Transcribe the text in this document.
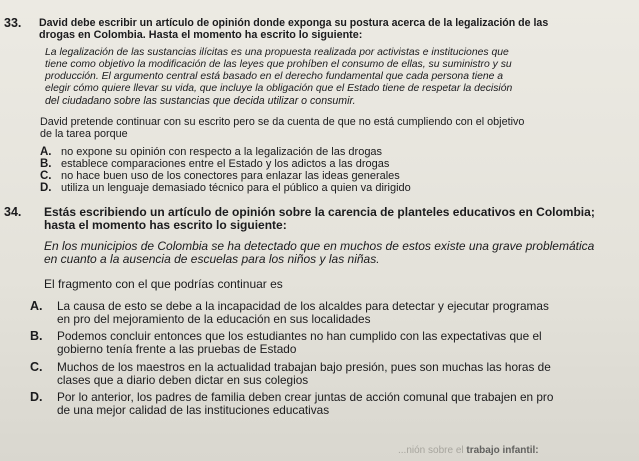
33. David debe escribir un artículo de opinión donde exponga su postura acerca de la legalización de las
drogas en Colombia. Hasta el momento ha escrito lo siguiente:
La legalización de las sustancias ilícitas es una propuesta realizada por activistas e instituciones que
tiene como objetivo la modificación de las leyes que prohíben el consumo de ellas, su suministro y su
producción. El argumento central está basado en el derecho fundamental que cada persona tiene a
elegir cómo quiere llevar su vida, que incluye la obligación que el Estado tiene de respetar la decisión
del ciudadano sobre las sustancias que decida utilizar o consumir.
David pretende continuar con su escrito pero se da cuenta de que no está cumpliendo con el objetivo
de la tarea porque
A. no expone su opinión con respecto a la legalización de las drogas
B. establece comparaciones entre el Estado y los adictos a las drogas
C. no hace buen uso de los conectores para enlazar las ideas generales
D. utiliza un lenguaje demasiado técnico para el público a quien va dirigido
34. Estás escribiendo un artículo de opinión sobre la carencia de planteles educativos en Colombia;
hasta el momento has escrito lo siguiente:
En los municipios de Colombia se ha detectado que en muchos de estos existe una grave problemática
en cuanto a la ausencia de escuelas para los niños y las niñas.
El fragmento con el que podrías continuar es
A. La causa de esto se debe a la incapacidad de los alcaldes para detectar y ejecutar programas
en pro del mejoramiento de la educación en sus localidades
B. Podemos concluir entonces que los estudiantes no han cumplido con las expectativas que el
gobierno tenía frente a las pruebas de Estado
C. Muchos de los maestros en la actualidad trabajan bajo presión, pues son muchas las horas de
clases que a diario deben dictar en sus colegios
D. Por lo anterior, los padres de familia deben crear juntas de acción comunal que trabajen en pro
de una mejor calidad de las instituciones educativas
...nión sobre el trabajo infantil:
